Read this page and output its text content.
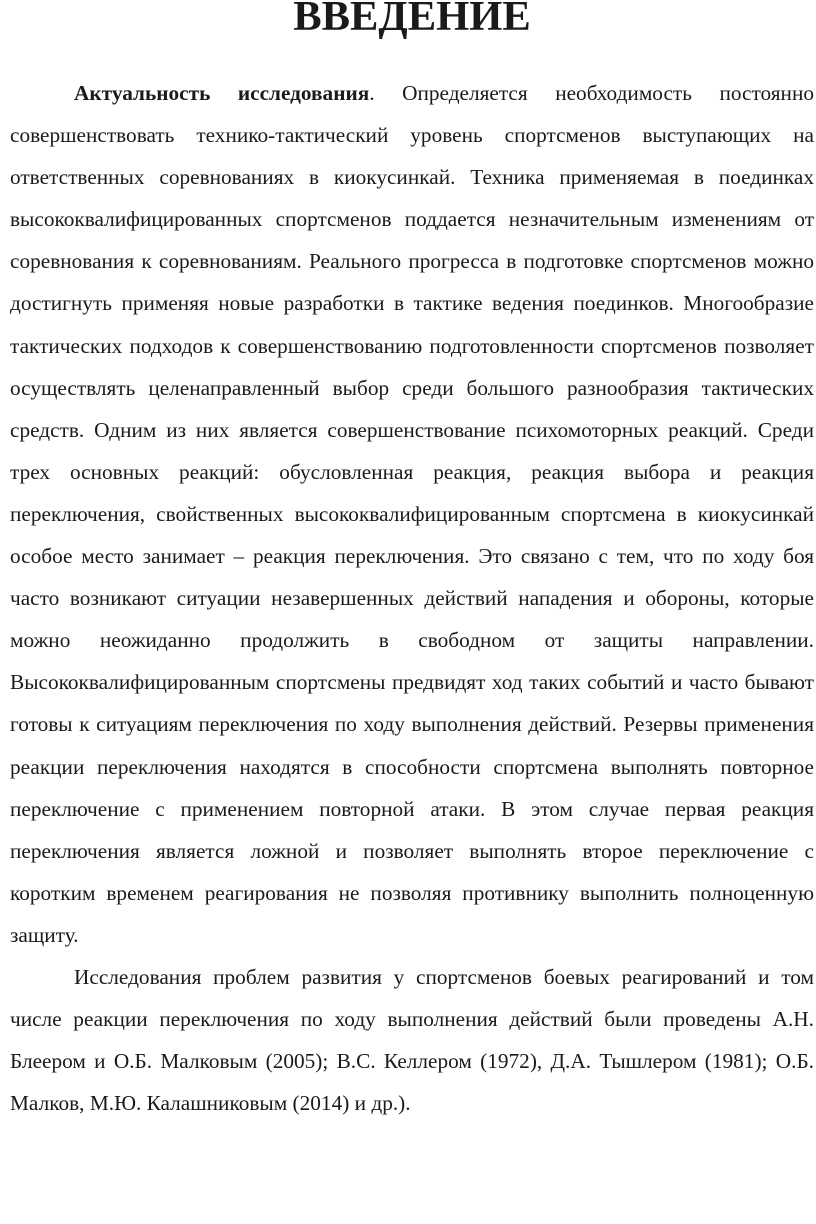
ВВЕДЕНИЕ

Актуальность исследования. Определяется необходимость постоянно совершенствовать технико-тактический уровень спортсменов выступающих на ответственных соревнованиях в киокусинкай. Техника применяемая в поединках высококвалифицированных спортсменов поддается незначительным изменениям от соревнования к соревнованиям. Реального прогресса в подготовке спортсменов можно достигнуть применяя новые разработки в тактике ведения поединков. Многообразие тактических подходов к совершенствованию подготовленности спортсменов позволяет осуществлять целенаправленный выбор среди большого разнообразия тактических средств. Одним из них является совершенствование психомоторных реакций. Среди трех основных реакций: обусловленная реакция, реакция выбора и реакция переключения, свойственных высококвалифицированным спортсмена в киокусинкай особое место занимает – реакция переключения. Это связано с тем, что по ходу боя часто возникают ситуации незавершенных действий нападения и обороны, которые можно неожиданно продолжить в свободном от защиты направлении. Высококвалифицированным спортсмены предвидят ход таких событий и часто бывают готовы к ситуациям переключения по ходу выполнения действий. Резервы применения реакции переключения находятся в способности спортсмена выполнять повторное переключение с применением повторной атаки. В этом случае первая реакция переключения является ложной и позволяет выполнять второе переключение с коротким временем реагирования не позволяя противнику выполнить полноценную защиту.

Исследования проблем развития у спортсменов боевых реагирований и том числе реакции переключения по ходу выполнения действий были проведены А.Н. Блеером и О.Б. Малковым (2005); В.С. Келлером (1972), Д.А. Тышлером (1981); О.Б. Малков, М.Ю. Калашниковым (2014) и др.).
